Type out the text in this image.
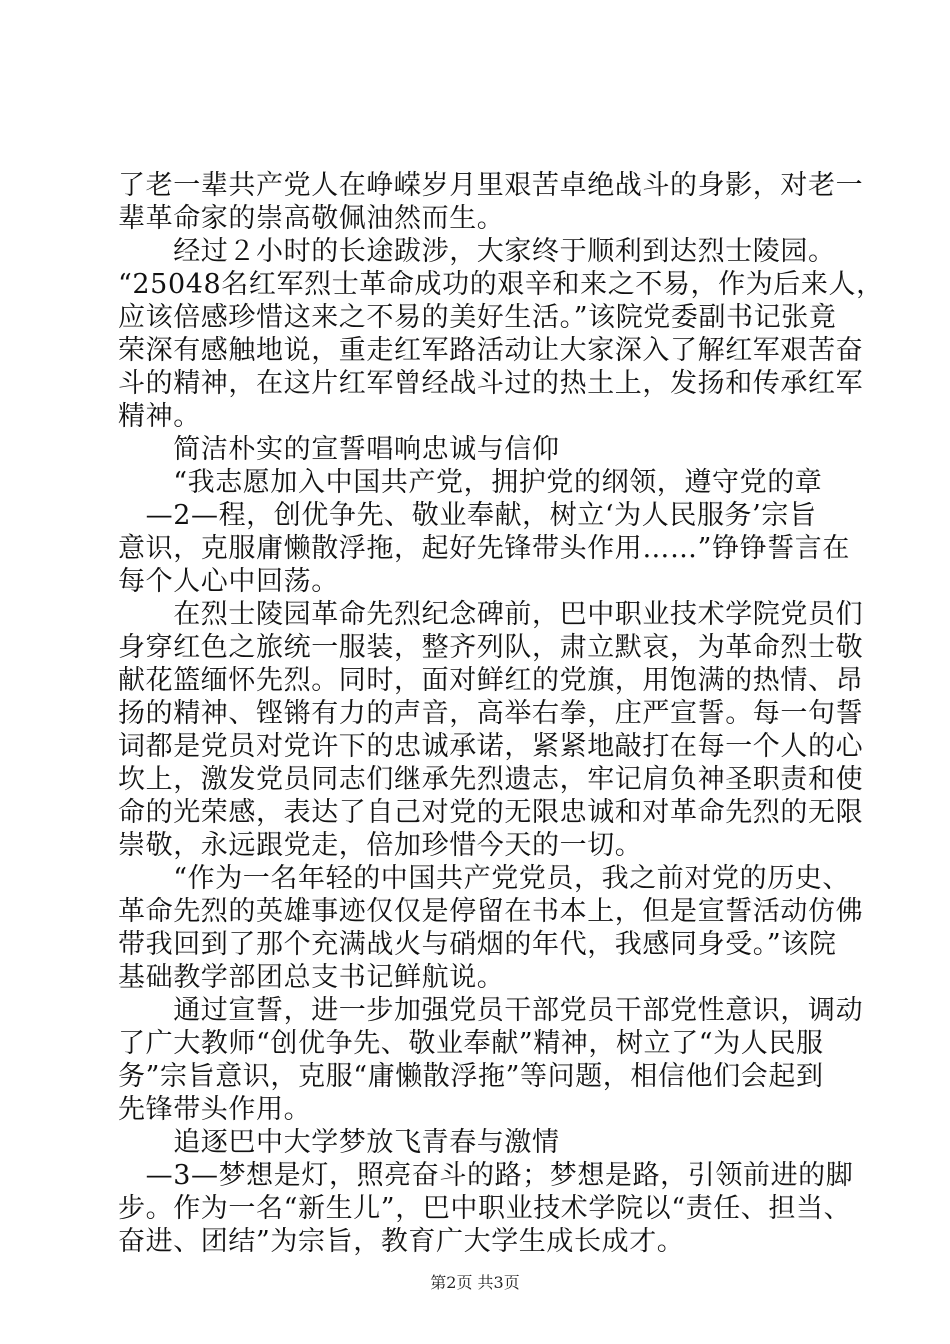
了老一辈共产党人在峥嵘岁月里艰苦卓绝战斗的身影，对老一
辈革命家的崇高敬佩油然而生。
　　经过２小时的长途跋涉，大家终于顺利到达烈士陵园。
“25048名红军烈士革命成功的艰辛和来之不易，作为后来人，
应该倍感珍惜这来之不易的美好生活。”该院党委副书记张竟
荣深有感触地说，重走红军路活动让大家深入了解红军艰苦奋
斗的精神，在这片红军曾经战斗过的热土上，发扬和传承红军
精神。
　　简洁朴实的宣誓唱响忠诚与信仰
　　“我志愿加入中国共产党，拥护党的纲领，遵守党的章
　—2—程，创优争先、敬业奉献，树立‘为人民服务’宗旨
意识，克服庸懒散浮拖，起好先锋带头作用……”铮铮誓言在
每个人心中回荡。
　　在烈士陵园革命先烈纪念碑前，巴中职业技术学院党员们
身穿红色之旅统一服装，整齐列队，肃立默哀，为革命烈士敬
献花篮缅怀先烈。同时，面对鲜红的党旗，用饱满的热情、昂
扬的精神、铿锵有力的声音，高举右拳，庄严宣誓。每一句誓
词都是党员对党许下的忠诚承诺，紧紧地敲打在每一个人的心
坎上，激发党员同志们继承先烈遗志，牢记肩负神圣职责和使
命的光荣感，表达了自己对党的无限忠诚和对革命先烈的无限
崇敬，永远跟党走，倍加珍惜今天的一切。
　　“作为一名年轻的中国共产党党员，我之前对党的历史、
革命先烈的英雄事迹仅仅是停留在书本上，但是宣誓活动仿佛
带我回到了那个充满战火与硝烟的年代，我感同身受。”该院
基础教学部团总支书记鲜航说。
　　通过宣誓，进一步加强党员干部党员干部党性意识，调动
了广大教师“创优争先、敬业奉献”精神，树立了“为人民服
务”宗旨意识，克服“庸懒散浮拖”等问题，相信他们会起到
先锋带头作用。
　　追逐巴中大学梦放飞青春与激情
　—3—梦想是灯，照亮奋斗的路；梦想是路，引领前进的脚
步。作为一名“新生儿”，巴中职业技术学院以“责任、担当、
奋进、团结”为宗旨，教育广大学生成长成才。
第2页 共3页
